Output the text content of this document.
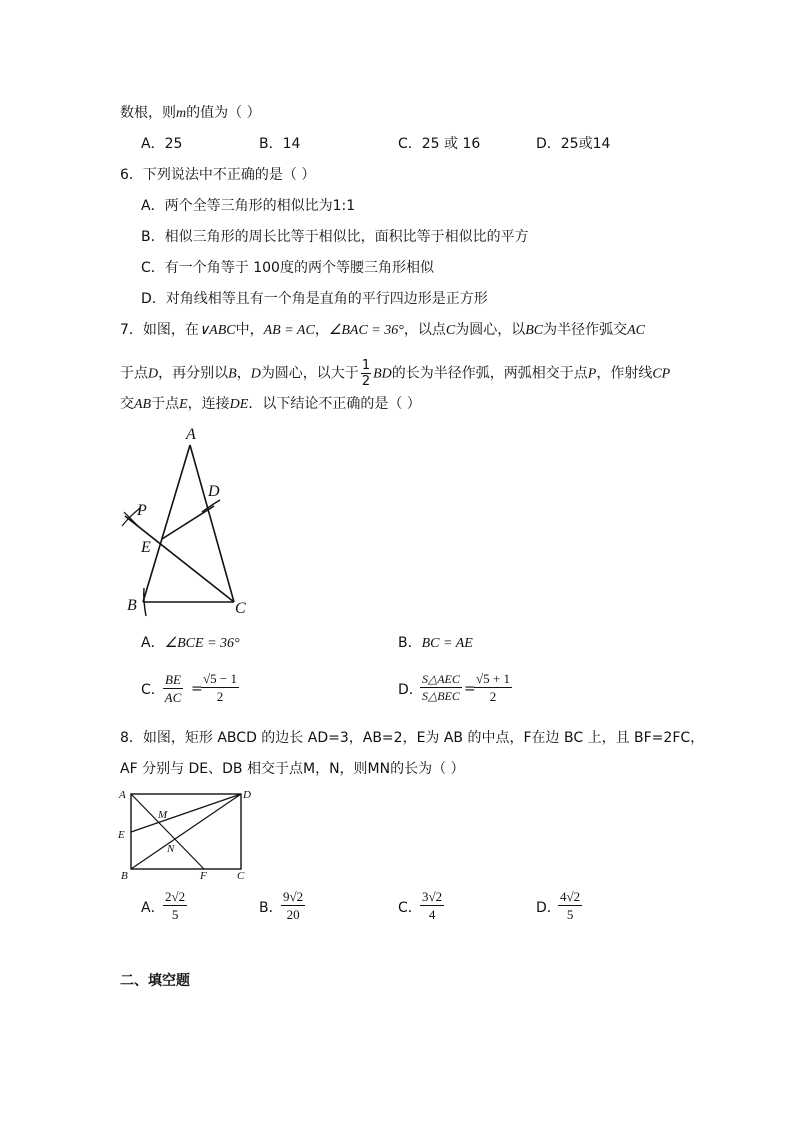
数根，则m的值为（ ）
A．25	B．14	C．25 或 16	D．25或14
6．下列说法中不正确的是（ ）
A．两个全等三角形的相似比为1:1
B．相似三角形的周长比等于相似比，面积比等于相似比的平方
C．有一个角等于 100度的两个等腰三角形相似
D．对角线相等且有一个角是直角的平行四边形是正方形
7．如图，在∨ABC中，AB = AC，∠BAC = 36°，以点C为圆心，以BC为半径作弧交AC
于点D，再分别以B，D为圆心，以大于 $\frac{1}{2}$ BD的长为半径作弧，两弧相交于点P，作射线CP
交AB于点E，连接DE．以下结论不正确的是（ ）
A
D
P
E
B	C
A．∠BCE = 36°	B．BC = AE
C．
$\frac{BE}{AC}$ =
$\frac{√5 - 1}{2}$	D．
S△AEC
S△BEC =
$\frac{√5 + 1}{2}$
8．如图，矩形 ABCD 的边长 AD=3，AB=2，E为 AB 的中点，F在边 BC 上，且 BF=2FC，
AF 分别与 DE、DB 相交于点M，N，则MN的长为（ ）
A	D
E
M
N
B	F	C
A．
$\frac{2√2}{5}$	B．
$\frac{9√2}{20}$	C．
$\frac{3√2}{4}$	D．
$\frac{4√2}{5}$
二、填空题
